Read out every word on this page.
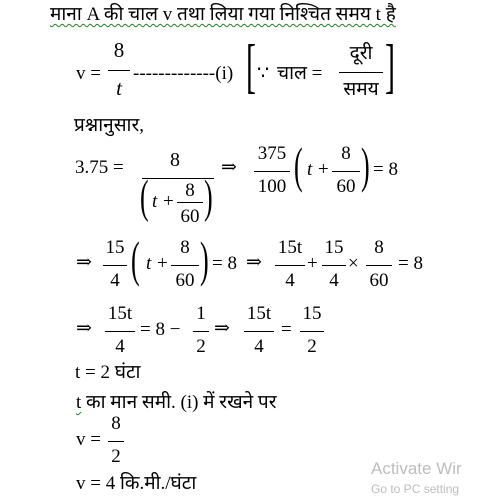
माना A की चाल v तथा लिया गया निश्चित समय t है
v =
8
t
-------------(i) [ ∵ चाल =
दूरी
समय ]
प्रश्नानुसार,
3.75 = 8
( t +
8
60 )
⇒
375
100 ( t +
8
60 ) = 8
⇒
15
4 ( t +
8
60 ) = 8 ⇒
15t
4
+
15
4
×
8
60
= 8
⇒
15t
4
= 8 −
1
2
⇒
15t
4
=
15
2
t = 2 घंटा
t का मान समी. (i) में रखने पर
v =
8
2
v = 4 कि.मी./घंटा
Activate Wir
Go to PC setting
